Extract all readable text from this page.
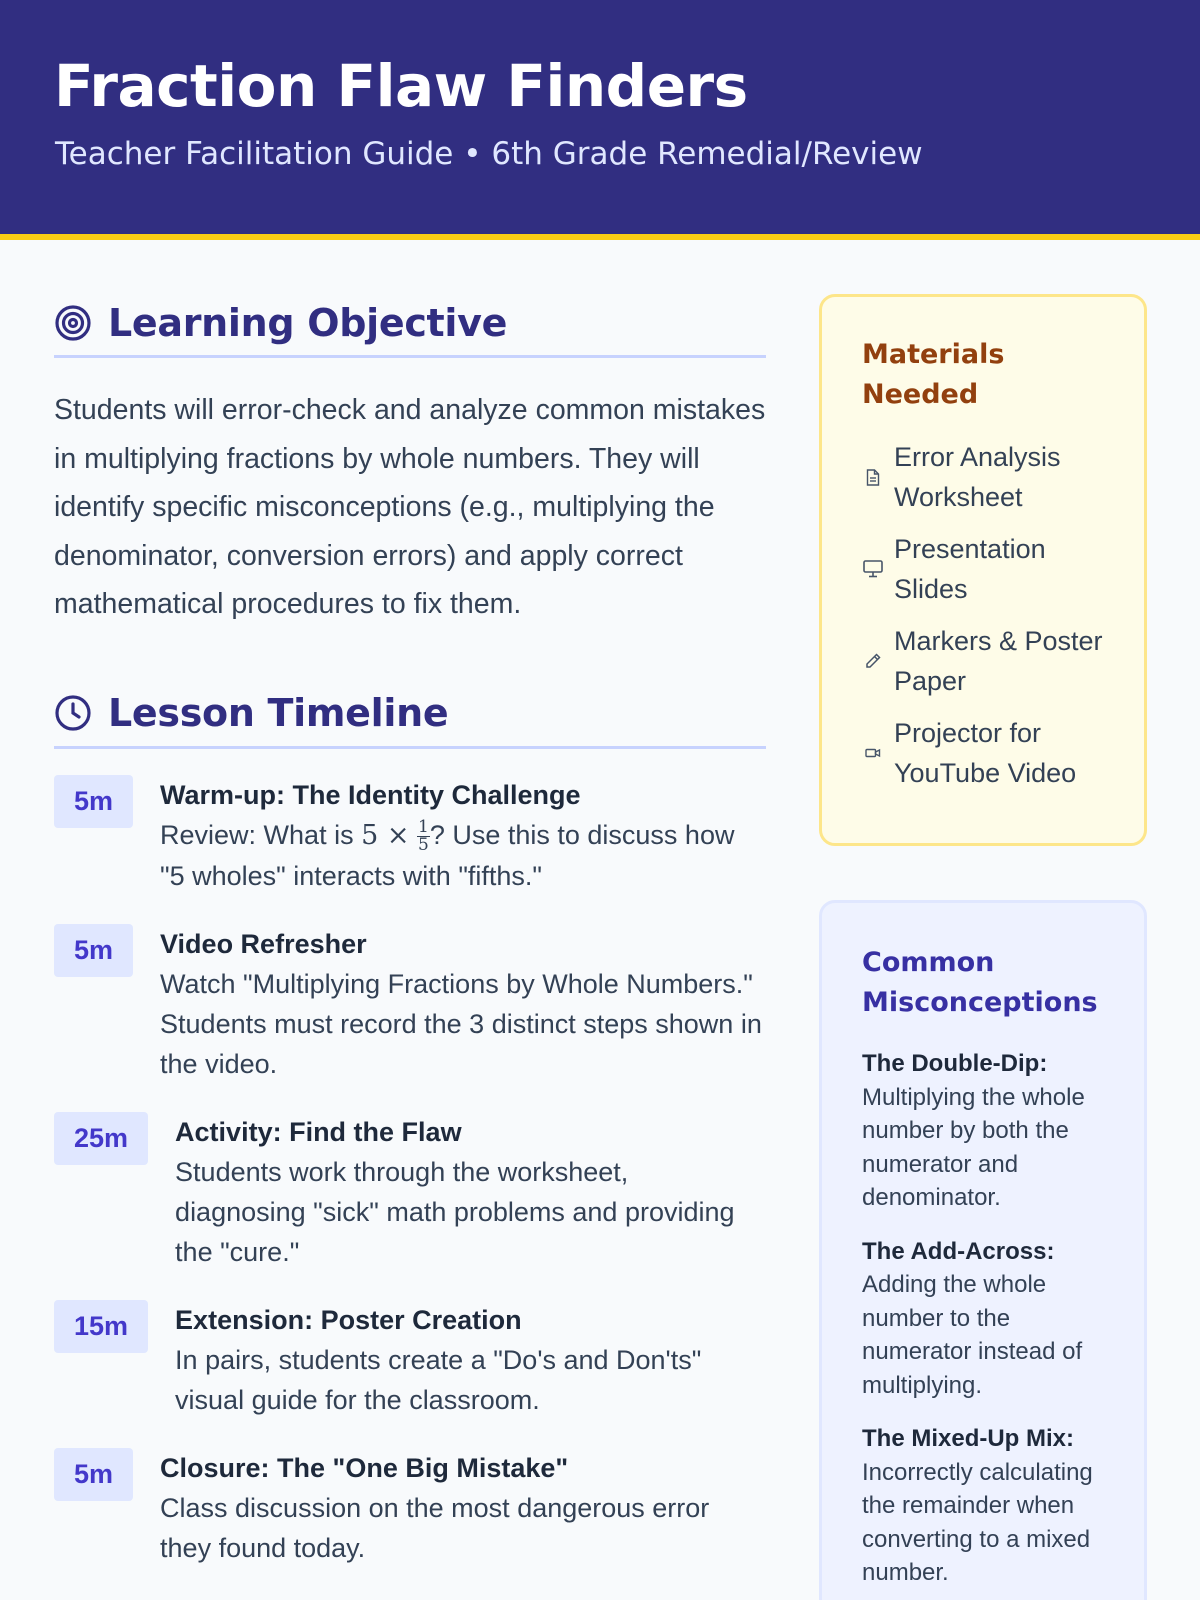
Fraction Flaw Finders
Teacher Facilitation Guide • 6th Grade Remedial/Review
Learning Objective

Students will error-check and analyze common mistakes in multiplying fractions by whole numbers. They will identify specific misconceptions (e.g., multiplying the denominator, conversion errors) and apply correct mathematical procedures to fix them.

Lesson Timeline
5m	Warm-up: The Identity Challenge
Review: What is $5 \times \frac{1}{5}$ ? Use this to discuss how "5 wholes" interacts with "fifths."
5m	Video Refresher
Watch "Multiplying Fractions by Whole Numbers." Students must record the 3 distinct steps shown in the video.
25m	Activity: Find the Flaw
Students work through the worksheet, diagnosing "sick" math problems and providing the "cure."
15m	Extension: Poster Creation
In pairs, students create a "Do's and Don'ts" visual guide for the classroom.
5m	Closure: The "One Big Mistake"
Class discussion on the most dangerous error they found today.
Materials Needed
Error Analysis Worksheet
Presentation Slides
Markers & Poster Paper
Projector for YouTube Video
Common Misconceptions
The Double-Dip: Multiplying the whole number by both the numerator and denominator.
The Add-Across: Adding the whole number to the numerator instead of multiplying.
The Mixed-Up Mix: Incorrectly calculating the remainder when converting to a mixed number.
